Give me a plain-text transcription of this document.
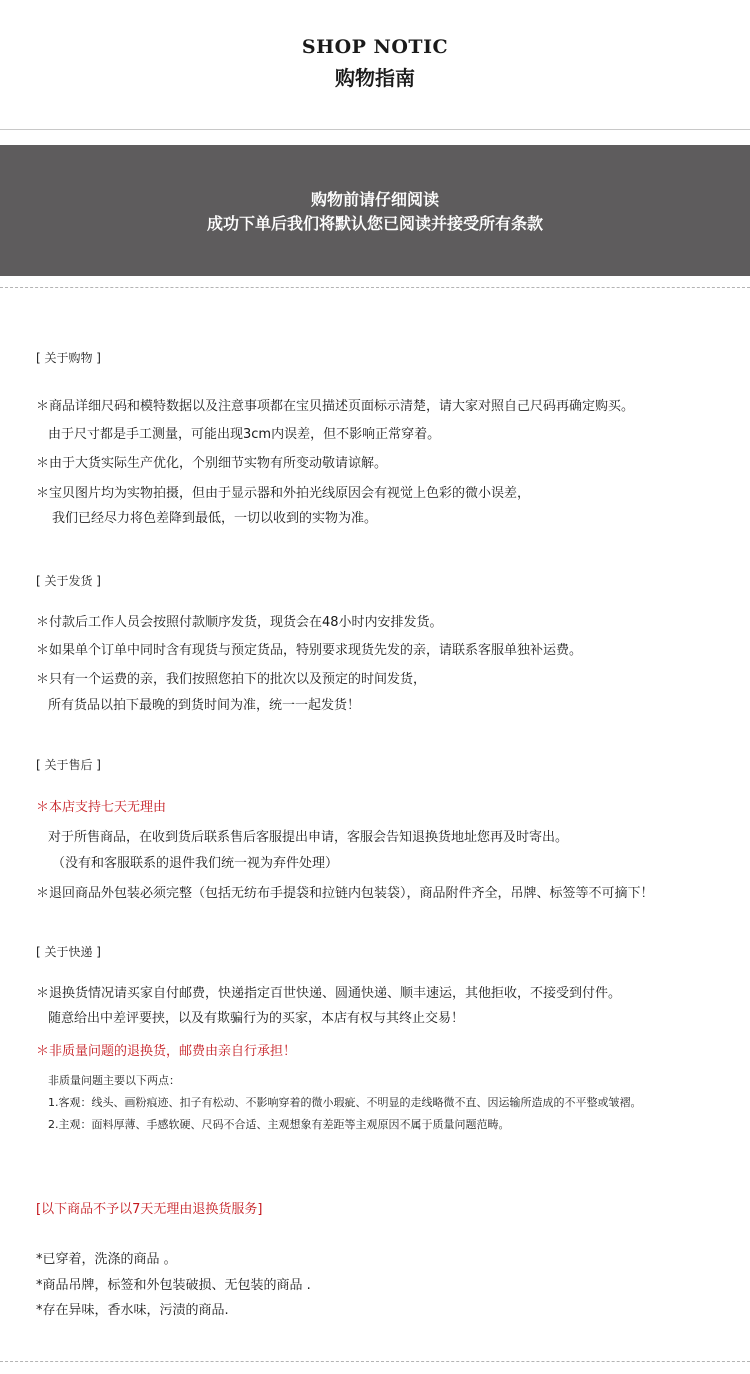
SHOP NOTIC
购物指南
购物前请仔细阅读
成功下单后我们将默认您已阅读并接受所有条款
[ 关于购物 ]
＊商品详细尺码和模特数据以及注意事项都在宝贝描述页面标示清楚，请大家对照自己尺码再确定购买。
由于尺寸都是手工测量，可能出现3cm内误差，但不影响正常穿着。
＊由于大货实际生产优化，个别细节实物有所变动敬请谅解。
＊宝贝图片均为实物拍摄，但由于显示器和外拍光线原因会有视觉上色彩的微小误差，
我们已经尽力将色差降到最低，一切以收到的实物为准。
[ 关于发货 ]
＊付款后工作人员会按照付款顺序发货，现货会在48小时内安排发货。
＊如果单个订单中同时含有现货与预定货品，特别要求现货先发的亲，请联系客服单独补运费。
＊只有一个运费的亲，我们按照您拍下的批次以及预定的时间发货，
所有货品以拍下最晚的到货时间为准，统一一起发货！
[ 关于售后 ]
＊本店支持七天无理由
对于所售商品，在收到货后联系售后客服提出申请，客服会告知退换货地址您再及时寄出。
（没有和客服联系的退件我们统一视为弃件处理）
＊退回商品外包装必须完整（包括无纺布手提袋和拉链内包装袋），商品附件齐全，吊牌、标签等不可摘下！
[ 关于快递 ]
＊退换货情况请买家自付邮费，快递指定百世快递、圆通快递、顺丰速运，其他拒收，不接受到付件。
随意给出中差评要挟，以及有欺骗行为的买家，本店有权与其终止交易！
＊非质量问题的退换货，邮费由亲自行承担！
非质量问题主要以下两点：
1.客观：线头、画粉痕迹、扣子有松动、不影响穿着的微小瑕疵、不明显的走线略微不直、因运输所造成的不平整或皱褶。
2.主观：面料厚薄、手感软硬、尺码不合适、主观想象有差距等主观原因不属于质量问题范畴。
[以下商品不予以7天无理由退换货服务]
*已穿着，洗涤的商品 。
*商品吊牌，标签和外包装破损、无包装的商品 .
*存在异味，香水味，污渍的商品.
